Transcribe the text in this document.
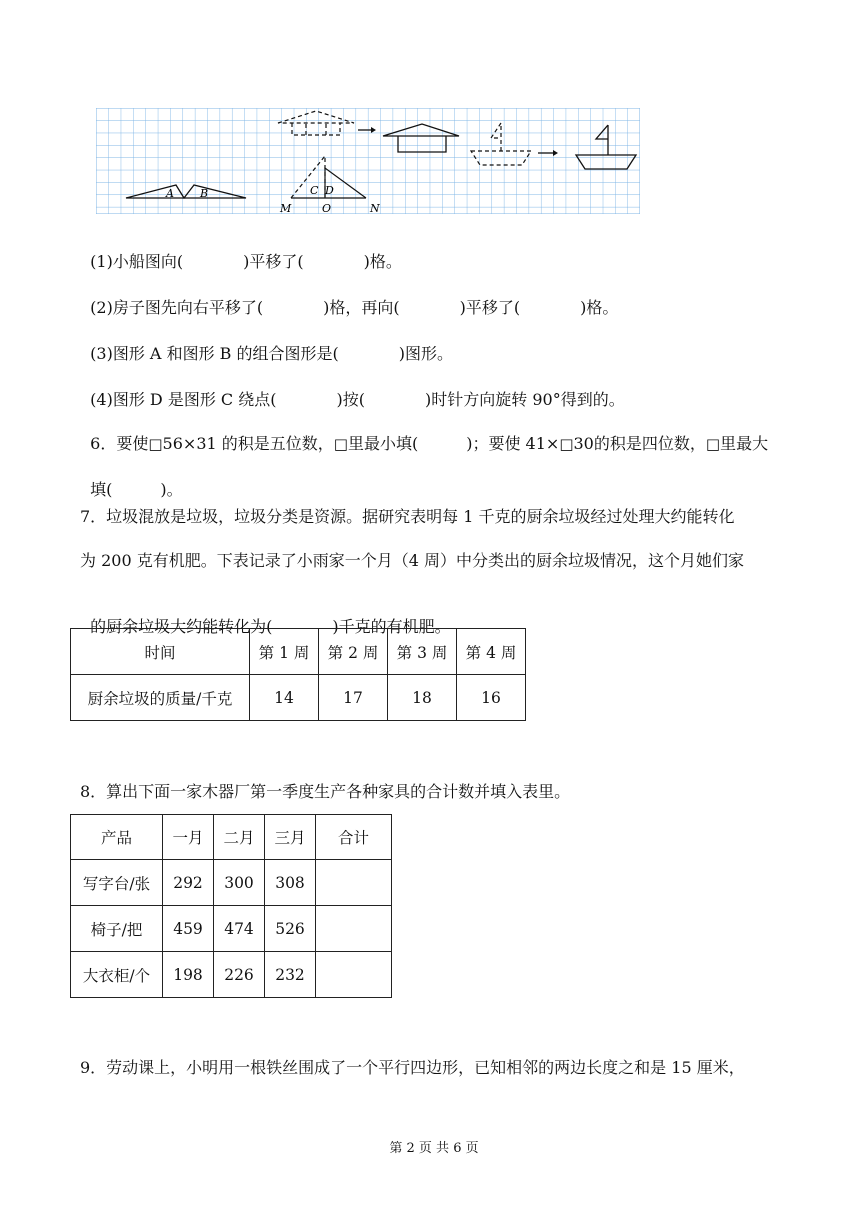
A B	C D
M	O	N

(1)小船图向(	)平移了(	)格。

(2)房子图先向右平移了(	)格，再向(	)平移了(	)格。

(3)图形 A 和图形 B 的组合图形是(	)图形。

(4)图形 D 是图形 C 绕点(	)按(	)时针方向旋转 90°得到的。

6．要使□56×31 的积是五位数，□里最小填(	)；要使 41×□30的积是四位数，□里最大

填(	)。

7．垃圾混放是垃圾，垃圾分类是资源。据研究表明每 1 千克的厨余垃圾经过处理大约能转化
为 200 克有机肥。下表记录了小雨家一个月（4 周）中分类出的厨余垃圾情况，这个月她们家

的厨余垃圾大约能转化为(	)千克的有机肥。

时间	第 1 周	第 2 周	第 3 周	第 4 周
厨余垃圾的质量/千克	14	17	18	16
8．算出下面一家木器厂第一季度生产各种家具的合计数并填入表里。
产品	一月	二月	三月	合计
写字台/张	292	300	308	
椅子/把	459	474	526	
大衣柜/个	198	226	232	
9．劳动课上，小明用一根铁丝围成了一个平行四边形，已知相邻的两边长度之和是 15 厘米，
第 2 页 共 6 页
